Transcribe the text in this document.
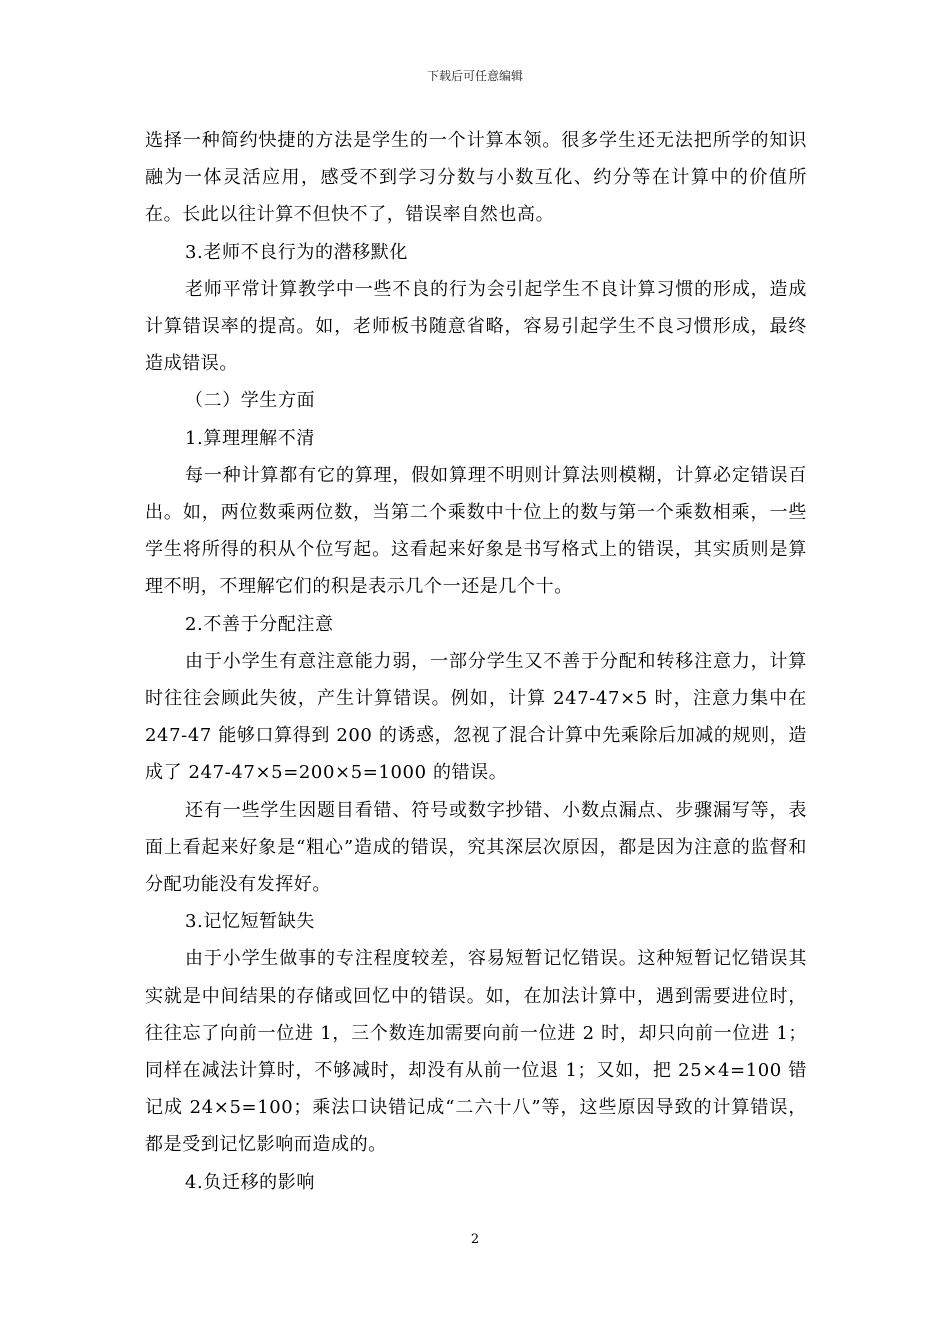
下载后可任意编辑

选择一种简约快捷的方法是学生的一个计算本领。很多学生还无法把所学的知识融为一体灵活应用，感受不到学习分数与小数互化、约分等在计算中的价值所在。长此以往计算不但快不了，错误率自然也高。

3.老师不良行为的潜移默化

老师平常计算教学中一些不良的行为会引起学生不良计算习惯的形成，造成计算错误率的提高。如，老师板书随意省略，容易引起学生不良习惯形成，最终造成错误。

（二）学生方面

1.算理理解不清

每一种计算都有它的算理，假如算理不明则计算法则模糊，计算必定错误百出。如，两位数乘两位数，当第二个乘数中十位上的数与第一个乘数相乘，一些学生将所得的积从个位写起。这看起来好象是书写格式上的错误，其实质则是算理不明，不理解它们的积是表示几个一还是几个十。

2.不善于分配注意

由于小学生有意注意能力弱，一部分学生又不善于分配和转移注意力，计算时往往会顾此失彼，产生计算错误。例如，计算 247-47×5 时，注意力集中在 247-47 能够口算得到 200 的诱惑，忽视了混合计算中先乘除后加减的规则，造成了 247-47×5=200×5=1000 的错误。

还有一些学生因题目看错、符号或数字抄错、小数点漏点、步骤漏写等，表面上看起来好象是“粗心”造成的错误，究其深层次原因，都是因为注意的监督和分配功能没有发挥好。

3.记忆短暂缺失

由于小学生做事的专注程度较差，容易短暂记忆错误。这种短暂记忆错误其实就是中间结果的存储或回忆中的错误。如，在加法计算中，遇到需要进位时，往往忘了向前一位进 1，三个数连加需要向前一位进 2 时，却只向前一位进 1；同样在减法计算时，不够减时，却没有从前一位退 1；又如，把 25×4=100 错记成 24×5=100；乘法口诀错记成“二六十八”等，这些原因导致的计算错误，都是受到记忆影响而造成的。

4.负迁移的影响

2
